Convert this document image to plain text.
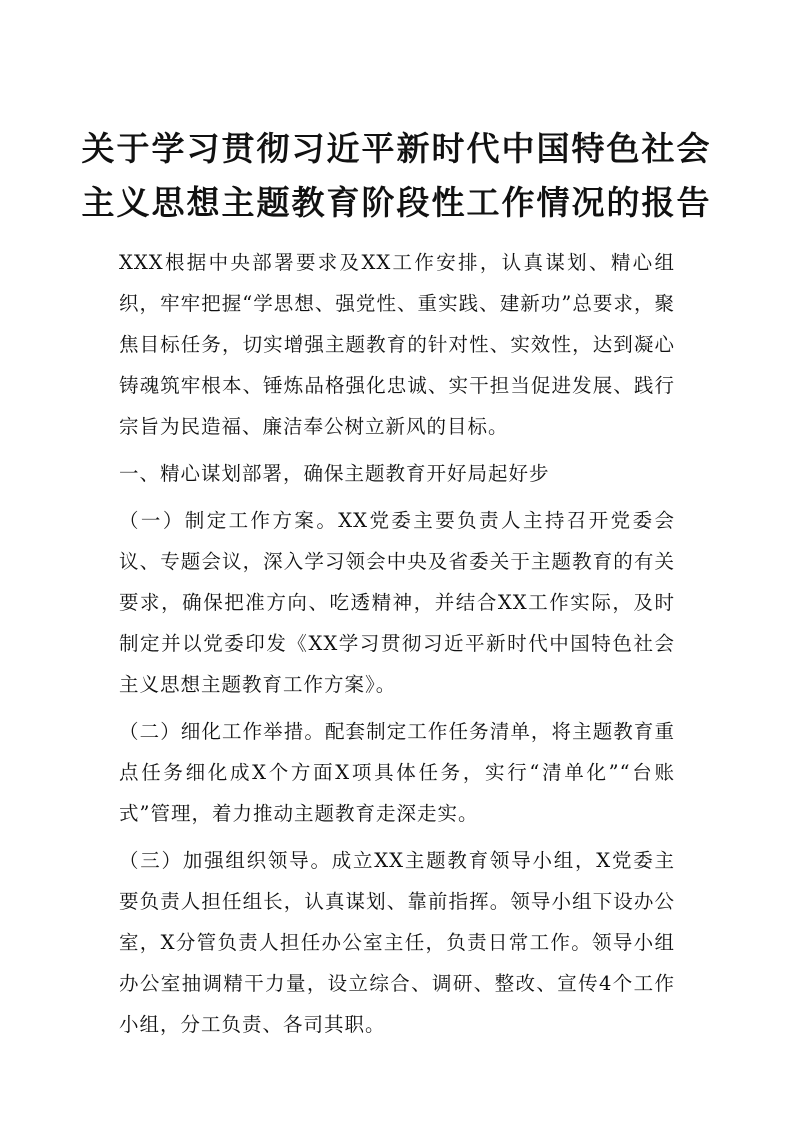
关于学习贯彻习近平新时代中国特色社会
主义思想主题教育阶段性工作情况的报告

XXX根据中央部署要求及XX工作安排，认真谋划、精心组织，牢牢把握“学思想、强党性、重实践、建新功”总要求，聚焦目标任务，切实增强主题教育的针对性、实效性，达到凝心铸魂筑牢根本、锤炼品格强化忠诚、实干担当促进发展、践行宗旨为民造福、廉洁奉公树立新风的目标。

一、精心谋划部署，确保主题教育开好局起好步

（一）制定工作方案。XX党委主要负责人主持召开党委会议、专题会议，深入学习领会中央及省委关于主题教育的有关要求，确保把准方向、吃透精神，并结合XX工作实际，及时制定并以党委印发《XX学习贯彻习近平新时代中国特色社会主义思想主题教育工作方案》。

（二）细化工作举措。配套制定工作任务清单，将主题教育重点任务细化成X个方面X项具体任务，实行“清单化”“台账式”管理，着力推动主题教育走深走实。

（三）加强组织领导。成立XX主题教育领导小组，X党委主要负责人担任组长，认真谋划、靠前指挥。领导小组下设办公室，X分管负责人担任办公室主任，负责日常工作。领导小组办公室抽调精干力量，设立综合、调研、整改、宣传4个工作小组，分工负责、各司其职。
